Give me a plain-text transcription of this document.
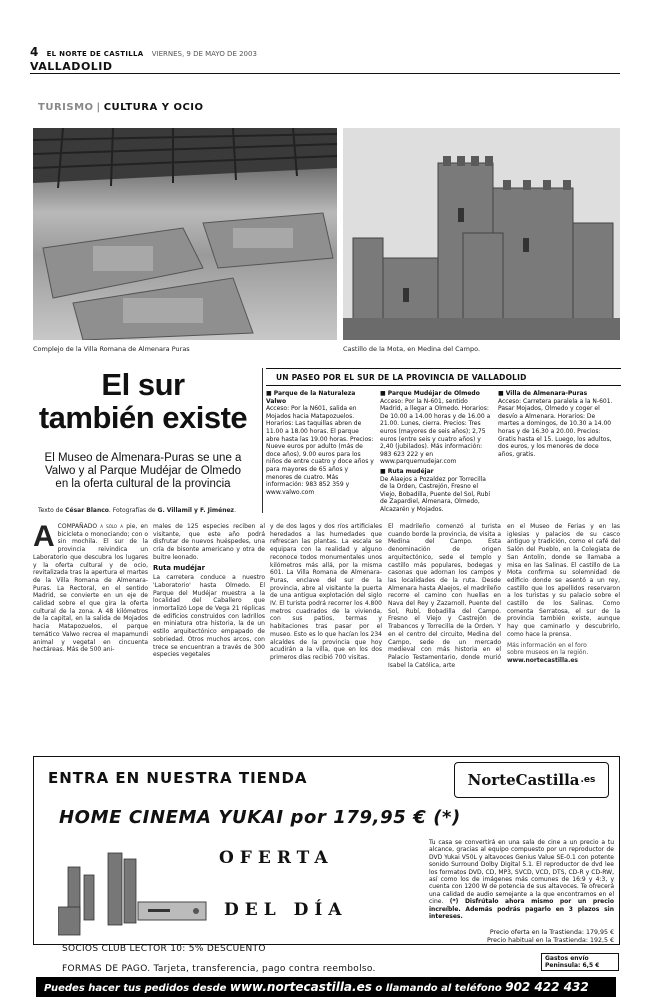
4 EL NORTE DE CASTILLA VIERNES, 9 DE MAYO DE 2003
VALLADOLID
TURISMO | CULTURA Y OCIO
Complejo de la Villa Romana de Almenara Puras	Castillo de la Mota, en Medina del Campo.
El sur
también existe
El Museo de Almenara-Puras se une a Valwo y al Parque Mudéjar de Olmedo en la oferta cultural de la provincia
Texto de César Blanco. Fotografías de G. Villamil y F. Jiménez.
UN PASEO POR EL SUR DE LA PROVINCIA DE VALLADOLID
■ Parque de la Naturaleza Valwo

Acceso: Por la N601, salida en Mojados hacia Matapozuelos. Horarios: Las taquillas abren de 11.00 a 18.00 horas. El parque abre hasta las 19.00 horas. Precios: Nueve euros por adulto (más de doce años), 9.00 euros para los niños de entre cuatro y doce años y para mayores de 65 años y menores de cuatro. Más información: 983 852 359 y www.valwo.com

■ Parque Mudéjar de Olmedo

Acceso: Por la N-601, sentido Madrid, a llegar a Olmedo. Horarios: De 10.00 a 14.00 horas y de 16.00 a 21.00. Lunes, cierra. Precios: Tres euros (mayores de seis años); 2,75 euros (entre seis y cuatro años) y 2,40 (jubilados). Más información: 983 623 222 y en www.parquemudejar.com

■ Ruta mudéjar

De Alaejos a Pozaldez por Torrecilla de la Orden, Castrejón, Fresno el Viejo, Bobadilla, Puente del Sol, Rubí de Zapardiel, Almenara, Olmedo, Alcazarén y Mojados.

■ Villa de Almenara-Puras

Acceso: Carretera paralela a la N-601. Pasar Mojados, Olmedo y coger el desvío a Almenara. Horarios: De martes a domingos, de 10.30 a 14.00 horas y de 16.30 a 20.00. Precios: Gratis hasta el 15. Luego, los adultos, dos euros, y los menores de doce años, gratis.

A COMPAÑADO a sólo a pie, en bicicleta o monociando; con o sin mochila. El sur de la provincia reivindica un Laboratorio que descubra los lugares y la oferta cultural y de ocio, revitalizada tras la apertura el martes de la Villa Romana de Almenara-Puras. La Rectoral, en el sentido Madrid, se convierte en un eje de calidad sobre el que gira la oferta cultural de la zona. A 48 kilómetros de la capital, en la salida de Mojados hacia Matapozuelos, el parque temático Valwo recrea el mapamundi animal y vegetal en cincuenta hectáreas. Más de 500 ani-

males de 125 especies reciben al visitante, que este año podrá disfrutar de nuevos huéspedes, una cría de bisonte americano y otra de buitre leonado.

Ruta mudéjar

La carretera conduce a nuestro 'Laboratorio' hasta Olmedo. El Parque del Mudéjar muestra a la localidad del Caballero que inmortalizó Lope de Vega 21 réplicas de edificios construidos con ladrillos en miniatura otra historia, la de un estilo arquitectónico empapado de sobriedad. Otros muchos arcos, con trece se encuentran a través de 300 especies vegetales

y de dos lagos y dos ríos artificiales heredados a las humedades que refrescan las plantas. La escala se equipara con la realidad y alguno reconoce todos monumentales unos kilómetros más allá, por la misma 601. La Villa Romana de Almenara-Puras, enclave del sur de la provincia, abre al visitante la puerta de una antigua explotación del siglo IV. El turista podrá recorrer los 4.800 metros cuadrados de la vivienda, con sus patios, termas y habitaciones tras pasar por el museo. Esto es lo que hacían los 234 alcaldes de la provincia que hoy acudirán a la villa, que en los dos primeros días recibió 700 visitas.

El madrileño comenzó al turista cuando borde la provincia, de visita a Medina del Campo. Esta denominación de origen arquitectónico, sede el templo y castillo más populares, bodegas y casonas que adornan los campos y las localidades de la ruta. Desde Almenara hasta Alaejos, el madrileño recorre el camino con huellas en Nava del Rey y Zazarnoll. Puente del Sol, Rubí, Bobadilla del Campo. Fresno el Viejo y Castrejón de Trabancos y Torrecilla de la Orden. Y en el centro del circuito, Medina del Campo, sede de un mercado medieval con más historia en el Palacio Testamentario, donde murió Isabel la Católica, arte

en el Museo de Ferias y en las iglesias y palacios de su casco antiguo y tradición, como el café del Salón del Pueblo, en la Colegiata de San Antolín, donde se llamaba a misa en las Salinas. El castillo de La Mota confirma su solemnidad de edificio donde se asentó a un rey, castillo que los apellidos reservaron a los turistas y su palacio sobre el castillo de los Salinas. Como comenta Serratosa, el sur de la provincia también existe, aunque hay que caminarlo y descubrirlo, como hace la prensa.

Más información en el foro

sobre museos en la región.

www.nortecastilla.es

ENTRA EN NUESTRA TIENDA	NorteCastilla .es
HOME CINEMA YUKAI por 179,95 € (*)
OFERTA
DEL DÍA
Tu casa se convertirá en una sala de cine a un precio a tu alcance, gracias al equipo compuesto por un reproductor de DVD Yukai V50L y altavoces Genius Value SE-0.1 con potente sonido Surround Dolby Digital 5.1. El reproductor de dvd lee los formatos DVD, CD, MP3, SVCD, VCD, DTS, CD-R y CD-RW, así como los de imágenes más comunes de 16:9 y 4:3, y cuenta con 1200 W de potencia de sus altavoces. Te ofrecerá una calidad de audio semejante a la que encontramos en el cine. (*) Disfrútalo ahora mismo por un precio increíble. Además podrás pagarlo en 3 plazos sin intereses.
Precio oferta en la Trastienda: 179,95 €
Precio habitual en la Trastienda: 192,5 €
Gastos envío Peninsula: 6,5 €
SOCIOS CLUB LECTOR 10: 5% DESCUENTO
FORMAS DE PAGO. Tarjeta, transferencia, pago contra reembolso.
Puedes hacer tus pedidos desde www.nortecastilla.es o llamando al teléfono 902 422 432
